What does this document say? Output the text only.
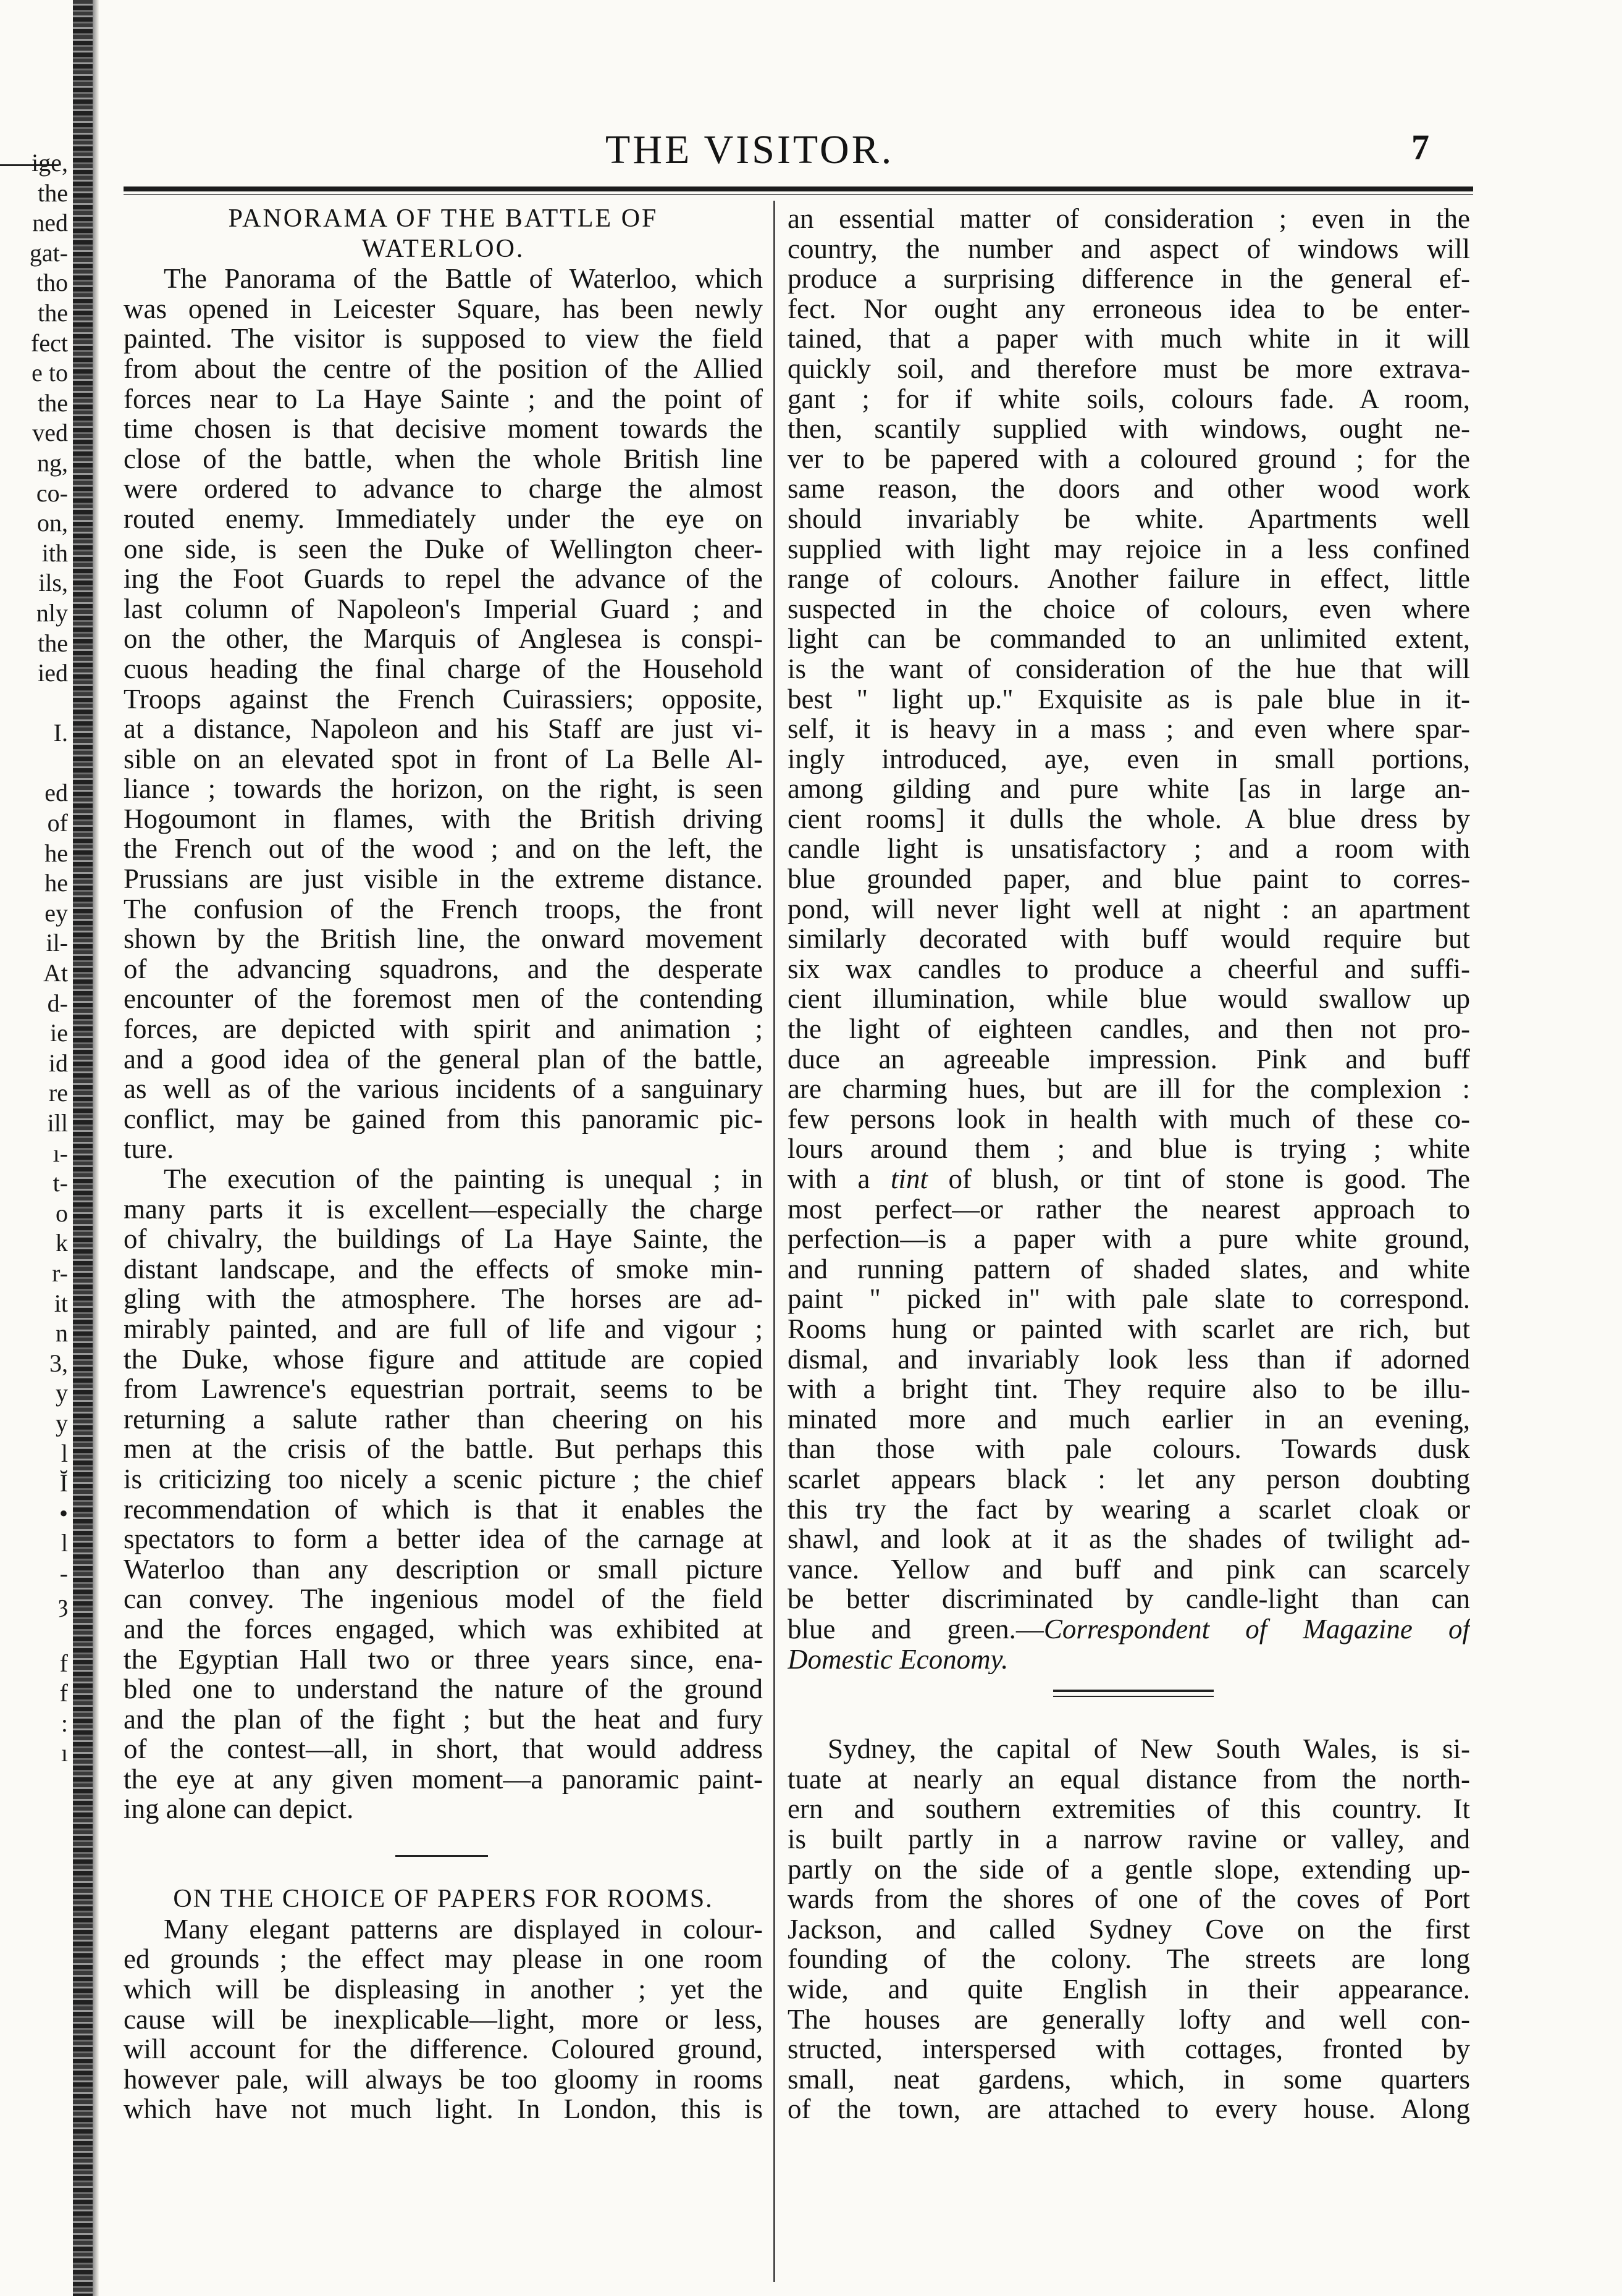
ige,
the
ned
gat-
tho
the
fect
e to
the
ved
ng,
co-
on,
ith
ils,
nly
the
ied
I.
ed
of
he
he
ey
il-
At
d-
ie
id
re
ill
ı-
t-
o
k
r-
it
n
3,
y
y
l
Ĭ
•
l
-
ȝ
f
f
:
ı
THE VISITOR.	7
PANORAMA OF THE BATTLE OF
WATERLOO.
The Panorama of the Battle of Waterloo, which
was opened in Leicester Square, has been newly
painted. The visitor is supposed to view the field
from about the centre of the position of the Allied
forces near to La Haye Sainte ; and the point of
time chosen is that decisive moment towards the
close of the battle, when the whole British line
were ordered to advance to charge the almost
routed enemy. Immediately under the eye on
one side, is seen the Duke of Wellington cheer-
ing the Foot Guards to repel the advance of the
last column of Napoleon's Imperial Guard ; and
on the other, the Marquis of Anglesea is conspi-
cuous heading the final charge of the Household
Troops against the French Cuirassiers; opposite,
at a distance, Napoleon and his Staff are just vi-
sible on an elevated spot in front of La Belle Al-
liance ; towards the horizon, on the right, is seen
Hogoumont in flames, with the British driving
the French out of the wood ; and on the left, the
Prussians are just visible in the extreme distance.
The confusion of the French troops, the front
shown by the British line, the onward movement
of the advancing squadrons, and the desperate
encounter of the foremost men of the contending
forces, are depicted with spirit and animation ;
and a good idea of the general plan of the battle,
as well as of the various incidents of a sanguinary
conflict, may be gained from this panoramic pic-
ture.
The execution of the painting is unequal ; in
many parts it is excellent—especially the charge
of chivalry, the buildings of La Haye Sainte, the
distant landscape, and the effects of smoke min-
gling with the atmosphere. The horses are ad-
mirably painted, and are full of life and vigour ;
the Duke, whose figure and attitude are copied
from Lawrence's equestrian portrait, seems to be
returning a salute rather than cheering on his
men at the crisis of the battle. But perhaps this
is criticizing too nicely a scenic picture ; the chief
recommendation of which is that it enables the
spectators to form a better idea of the carnage at
Waterloo than any description or small picture
can convey. The ingenious model of the field
and the forces engaged, which was exhibited at
the Egyptian Hall two or three years since, ena-
bled one to understand the nature of the ground
and the plan of the fight ; but the heat and fury
of the contest—all, in short, that would address
the eye at any given moment—a panoramic paint-
ing alone can depict.
ON THE CHOICE OF PAPERS FOR ROOMS.
Many elegant patterns are displayed in colour-
ed grounds ; the effect may please in one room
which will be displeasing in another ; yet the
cause will be inexplicable—light, more or less,
will account for the difference. Coloured ground,
however pale, will always be too gloomy in rooms
which have not much light. In London, this is
an essential matter of consideration ; even in the
country, the number and aspect of windows will
produce a surprising difference in the general ef-
fect. Nor ought any erroneous idea to be enter-
tained, that a paper with much white in it will
quickly soil, and therefore must be more extrava-
gant ; for if white soils, colours fade. A room,
then, scantily supplied with windows, ought ne-
ver to be papered with a coloured ground ; for the
same reason, the doors and other wood work
should invariably be white. Apartments well
supplied with light may rejoice in a less confined
range of colours. Another failure in effect, little
suspected in the choice of colours, even where
light can be commanded to an unlimited extent,
is the want of consideration of the hue that will
best " light up." Exquisite as is pale blue in it-
self, it is heavy in a mass ; and even where spar-
ingly introduced, aye, even in small portions,
among gilding and pure white [as in large an-
cient rooms] it dulls the whole. A blue dress by
candle light is unsatisfactory ; and a room with
blue grounded paper, and blue paint to corres-
pond, will never light well at night : an apartment
similarly decorated with buff would require but
six wax candles to produce a cheerful and suffi-
cient illumination, while blue would swallow up
the light of eighteen candles, and then not pro-
duce an agreeable impression. Pink and buff
are charming hues, but are ill for the complexion :
few persons look in health with much of these co-
lours around them ; and blue is trying ; white
with a tint of blush, or tint of stone is good. The
most perfect—or rather the nearest approach to
perfection—is a paper with a pure white ground,
and running pattern of shaded slates, and white
paint " picked in" with pale slate to correspond.
Rooms hung or painted with scarlet are rich, but
dismal, and invariably look less than if adorned
with a bright tint. They require also to be illu-
minated more and much earlier in an evening,
than those with pale colours. Towards dusk
scarlet appears black : let any person doubting
this try the fact by wearing a scarlet cloak or
shawl, and look at it as the shades of twilight ad-
vance. Yellow and buff and pink can scarcely
be better discriminated by candle-light than can
blue and green.—Correspondent of Magazine of
Domestic Economy.
Sydney, the capital of New South Wales, is si-
tuate at nearly an equal distance from the north-
ern and southern extremities of this country. It
is built partly in a narrow ravine or valley, and
partly on the side of a gentle slope, extending up-
wards from the shores of one of the coves of Port
Jackson, and called Sydney Cove on the first
founding of the colony. The streets are long
wide, and quite English in their appearance.
The houses are generally lofty and well con-
structed, interspersed with cottages, fronted by
small, neat gardens, which, in some quarters
of the town, are attached to every house. Along
